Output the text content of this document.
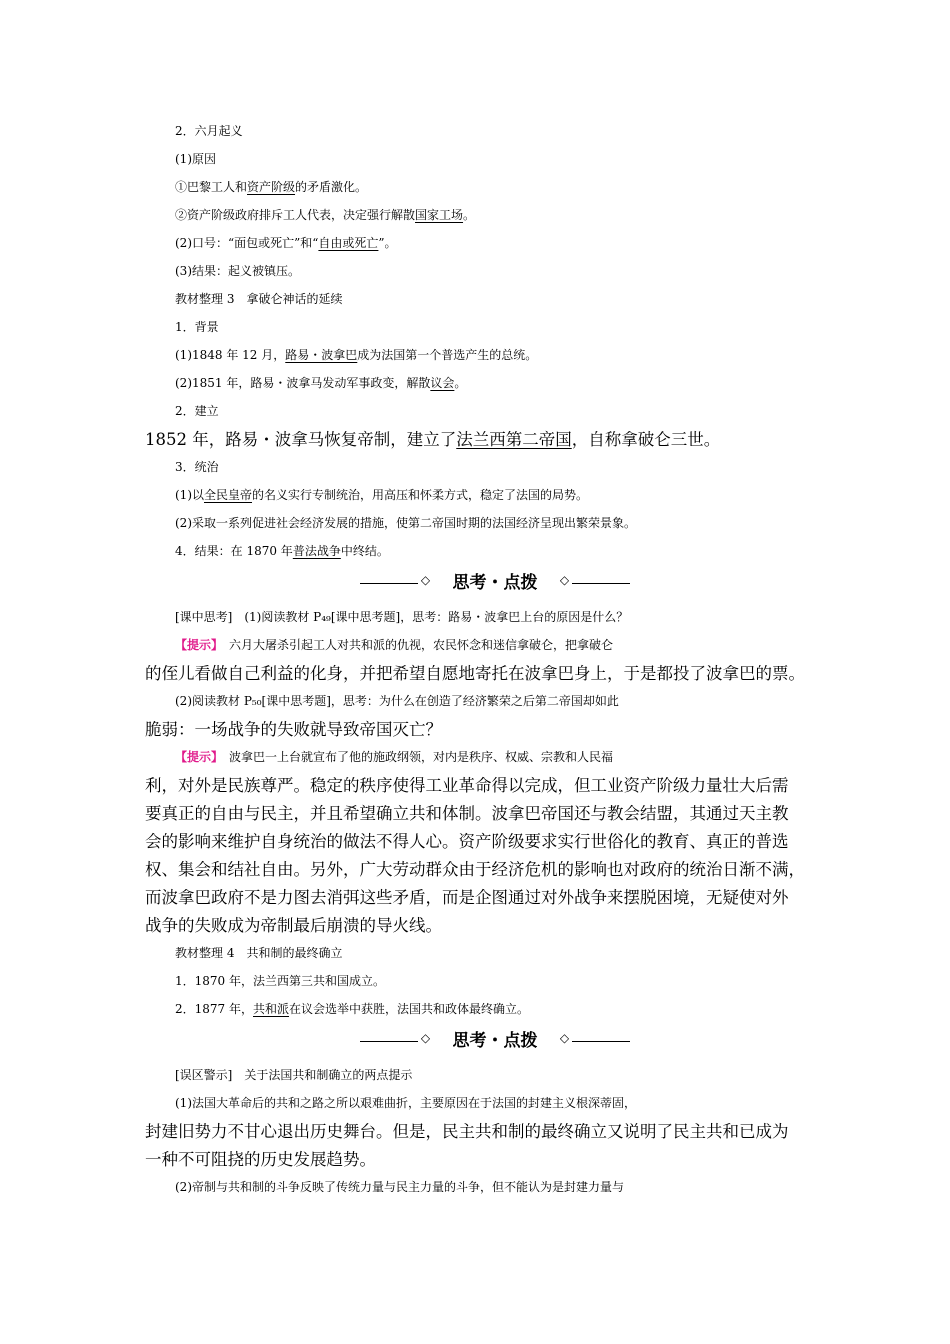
2．六月起义
(1)原因
①巴黎工人和资产阶级的矛盾激化。
②资产阶级政府排斥工人代表，决定强行解散国家工场。
(2)口号：“面包或死亡”和“自由或死亡”。
(3)结果：起义被镇压。
教材整理 3　拿破仑神话的延续
1．背景
(1)1848 年 12 月，路易・波拿巴成为法国第一个普选产生的总统。
(2)1851 年，路易・波拿马发动军事政变，解散议会。
2．建立
1852 年，路易・波拿马恢复帝制，建立了法兰西第二帝国，自称拿破仑三世。
3．统治
(1)以全民皇帝的名义实行专制统治，用高压和怀柔方式，稳定了法国的局势。
(2)采取一系列促进社会经济发展的措施，使第二帝国时期的法国经济呈现出繁荣景象。
4．结果：在 1870 年普法战争中终结。
◇	思考・点拨	◇
[课中思考]　(1)阅读教材 P₄₉[课中思考题]，思考：路易・波拿巴上台的原因是什么？
【提示】　六月大屠杀引起工人对共和派的仇视，农民怀念和迷信拿破仑，把拿破仑
的侄儿看做自己利益的化身，并把希望自愿地寄托在波拿巴身上，于是都投了波拿巴的票。
(2)阅读教材 P₅₀[课中思考题]，思考：为什么在创造了经济繁荣之后第二帝国却如此
脆弱：一场战争的失败就导致帝国灭亡？
【提示】　波拿巴一上台就宣布了他的施政纲领，对内是秩序、权威、宗教和人民福
利，对外是民族尊严。稳定的秩序使得工业革命得以完成，但工业资产阶级力量壮大后需
要真正的自由与民主，并且希望确立共和体制。波拿巴帝国还与教会结盟，其通过天主教
会的影响来维护自身统治的做法不得人心。资产阶级要求实行世俗化的教育、真正的普选
权、集会和结社自由。另外，广大劳动群众由于经济危机的影响也对政府的统治日渐不满，
而波拿巴政府不是力图去消弭这些矛盾，而是企图通过对外战争来摆脱困境，无疑使对外
战争的失败成为帝制最后崩溃的导火线。
教材整理 4　共和制的最终确立
1．1870 年，法兰西第三共和国成立。
2．1877 年，共和派在议会选举中获胜，法国共和政体最终确立。
◇	思考・点拨	◇
[误区警示]　关于法国共和制确立的两点提示
(1)法国大革命后的共和之路之所以艰难曲折，主要原因在于法国的封建主义根深蒂固，
封建旧势力不甘心退出历史舞台。但是，民主共和制的最终确立又说明了民主共和已成为
一种不可阻挠的历史发展趋势。
(2)帝制与共和制的斗争反映了传统力量与民主力量的斗争，但不能认为是封建力量与
